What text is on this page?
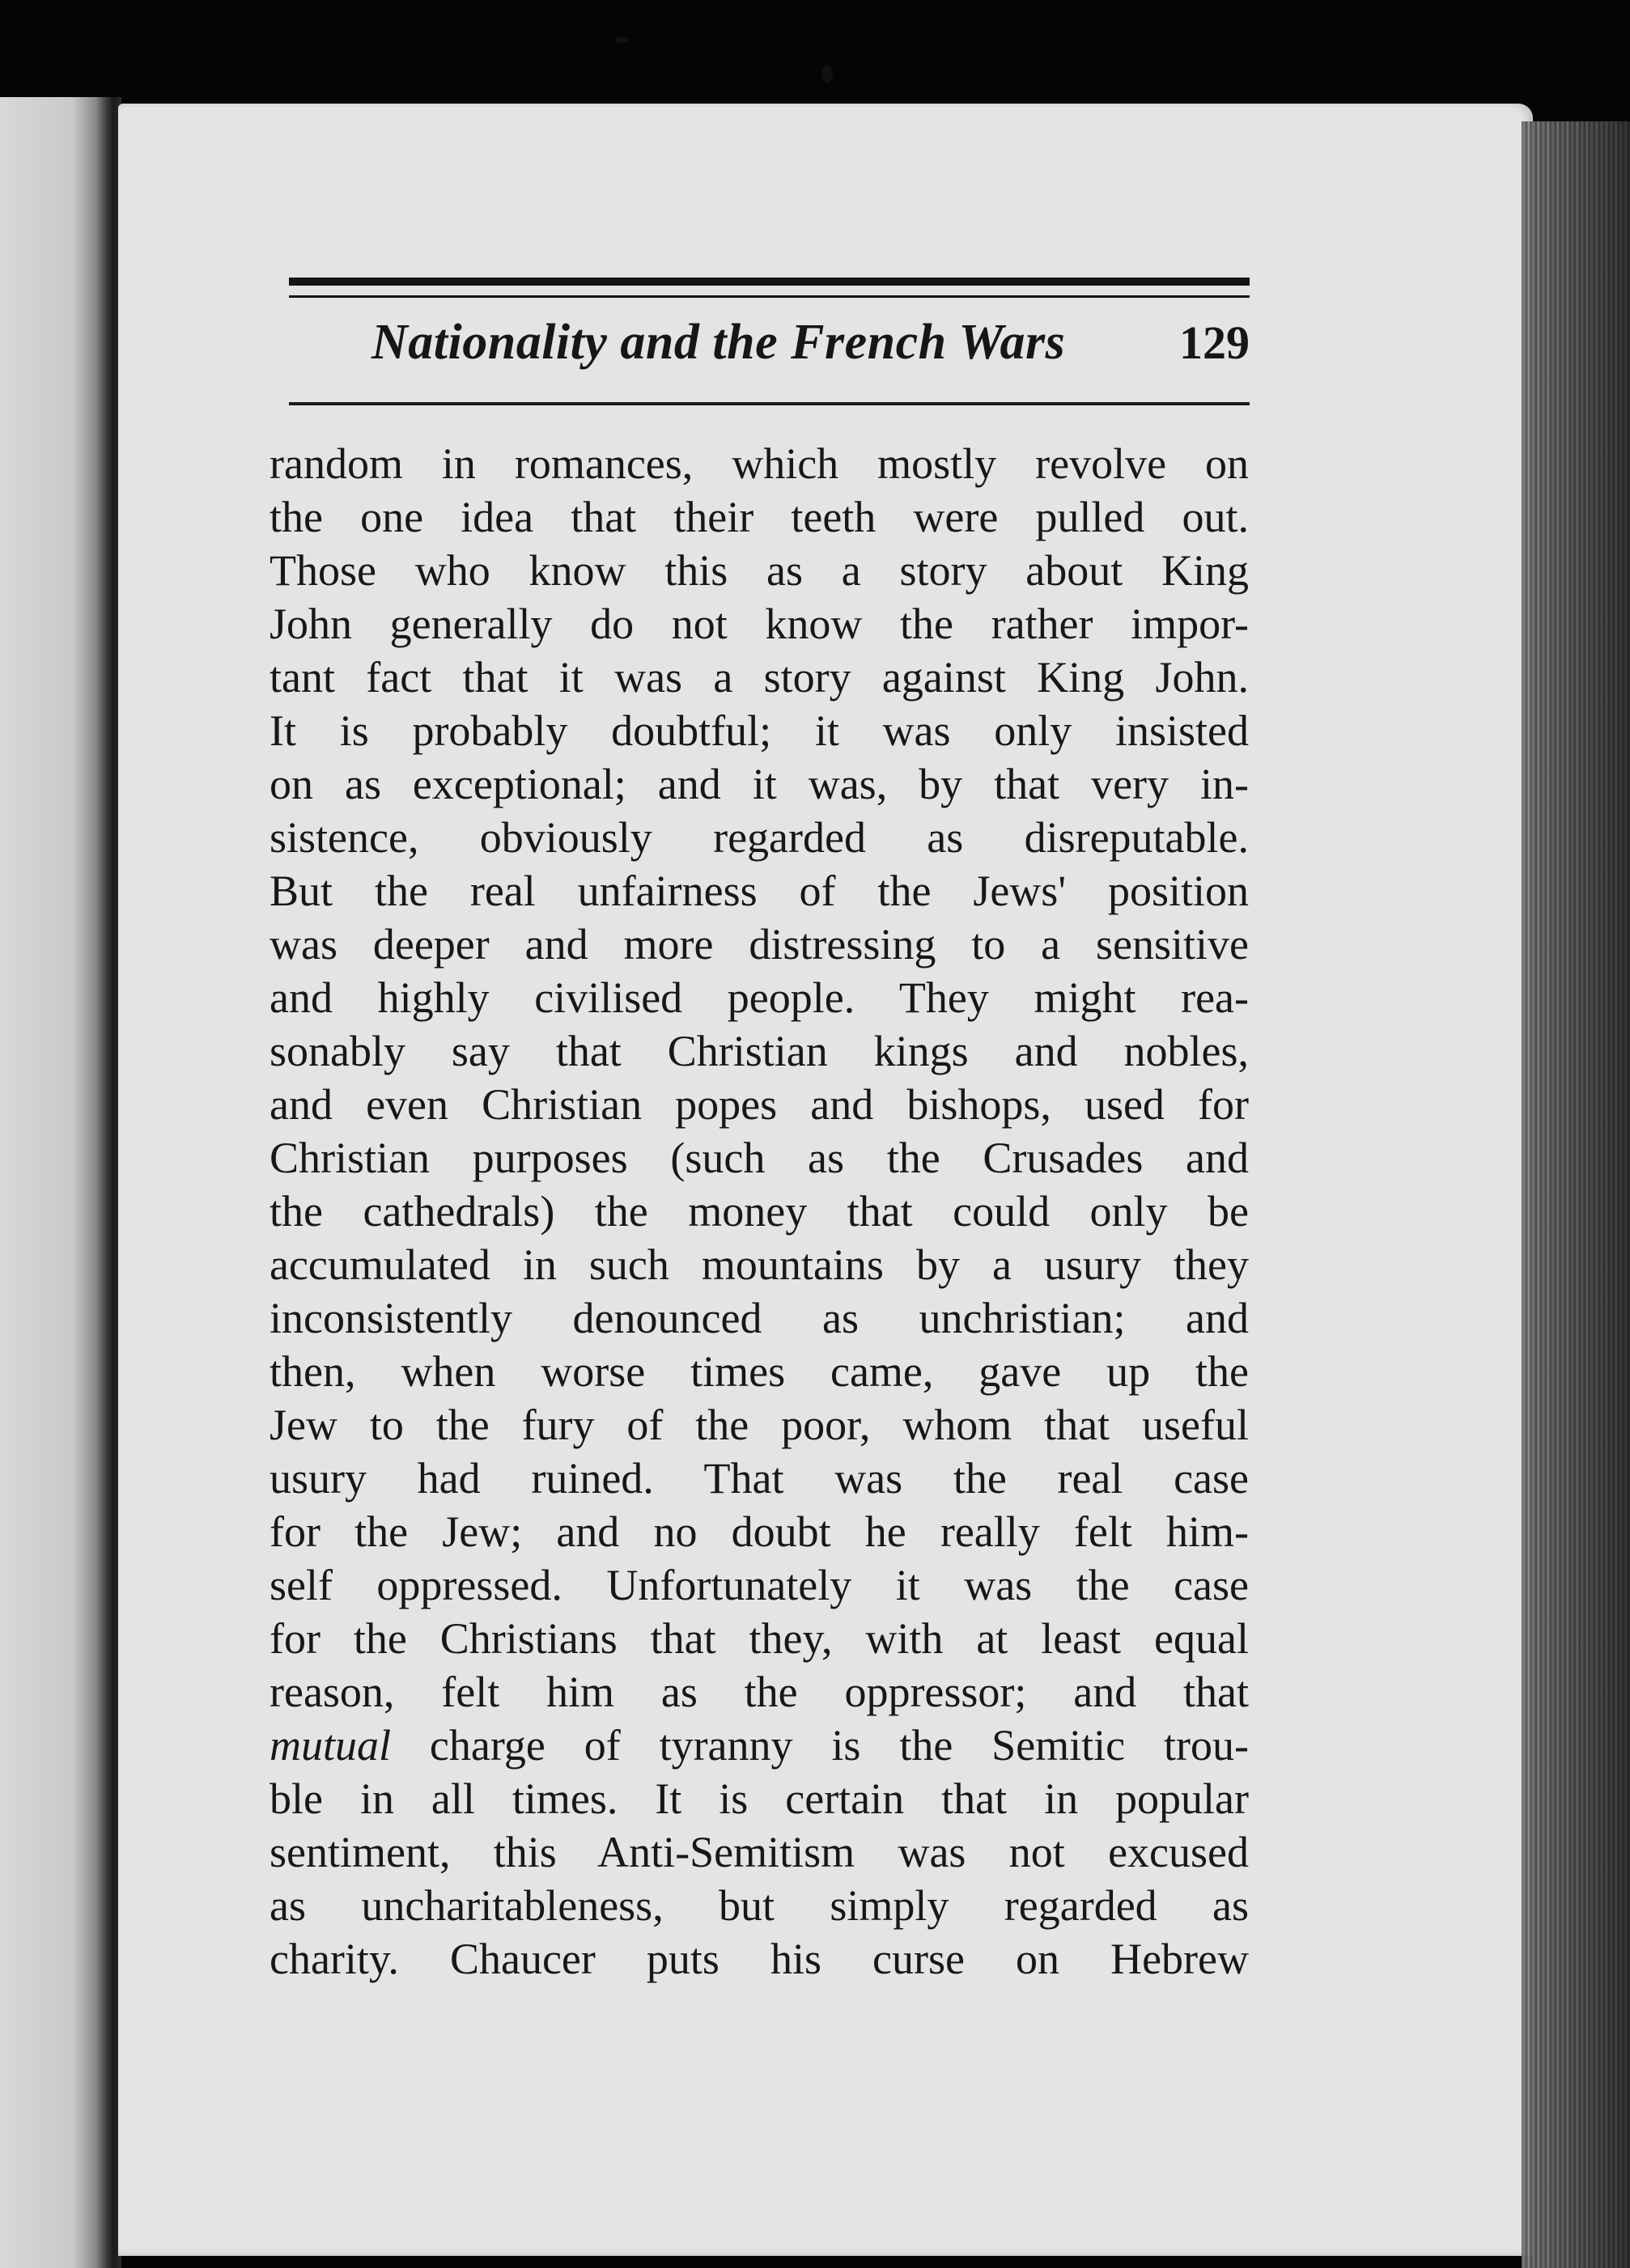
Nationality and the French Wars 129
random in romances, which mostly revolve on
the one idea that their teeth were pulled out.
Those who know this as a story about King
John generally do not know the rather impor-
tant fact that it was a story against King John.
It is probably doubtful; it was only insisted
on as exceptional; and it was, by that very in-
sistence, obviously regarded as disreputable.
But the real unfairness of the Jews' position
was deeper and more distressing to a sensitive
and highly civilised people. They might rea-
sonably say that Christian kings and nobles,
and even Christian popes and bishops, used for
Christian purposes (such as the Crusades and
the cathedrals) the money that could only be
accumulated in such mountains by a usury they
inconsistently denounced as unchristian; and
then, when worse times came, gave up the
Jew to the fury of the poor, whom that useful
usury had ruined. That was the real case
for the Jew; and no doubt he really felt him-
self oppressed. Unfortunately it was the case
for the Christians that they, with at least equal
reason, felt him as the oppressor; and that
mutual charge of tyranny is the Semitic trou-
ble in all times. It is certain that in popular
sentiment, this Anti-Semitism was not excused
as uncharitableness, but simply regarded as
charity. Chaucer puts his curse on Hebrew
